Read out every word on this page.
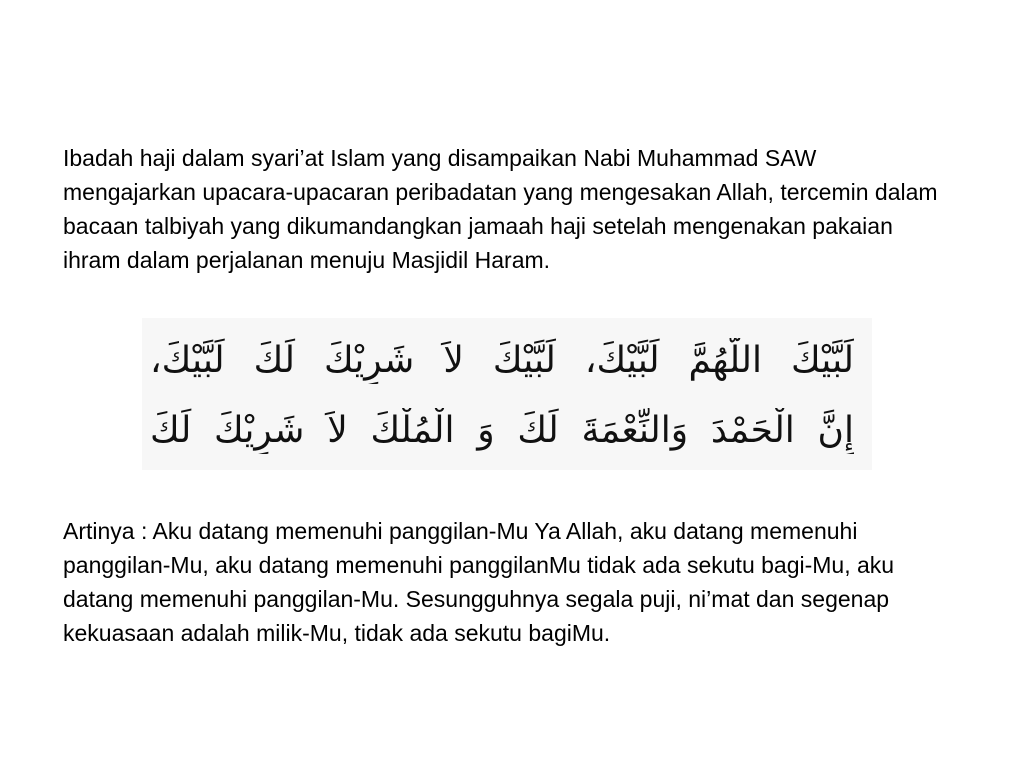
Ibadah haji dalam syari’at Islam yang disampaikan Nabi Muhammad SAW mengajarkan upacara-upacaran peribadatan yang mengesakan Allah, tercemin dalam bacaan talbiyah yang dikumandangkan jamaah haji setelah mengenakan pakaian ihram dalam perjalanan menuju Masjidil Haram.

لَبَّيْكَ اللَّهُمَّ لَبَّيْكَ، لَبَّيْكَ لاَ شَرِيْكَ لَكَ لَبَّيْكَ،
إِنَّ الْحَمْدَ وَالنِّعْمَةَ لَكَ وَ الْمُلْكَ لاَ شَرِيْكَ لَكَ

Artinya : Aku datang memenuhi panggilan-Mu Ya Allah, aku datang memenuhi panggilan-Mu, aku datang memenuhi panggilanMu tidak ada sekutu bagi-Mu, aku datang memenuhi panggilan-Mu. Sesungguhnya segala puji, ni’mat dan segenap kekuasaan adalah milik-Mu, tidak ada sekutu bagiMu.
